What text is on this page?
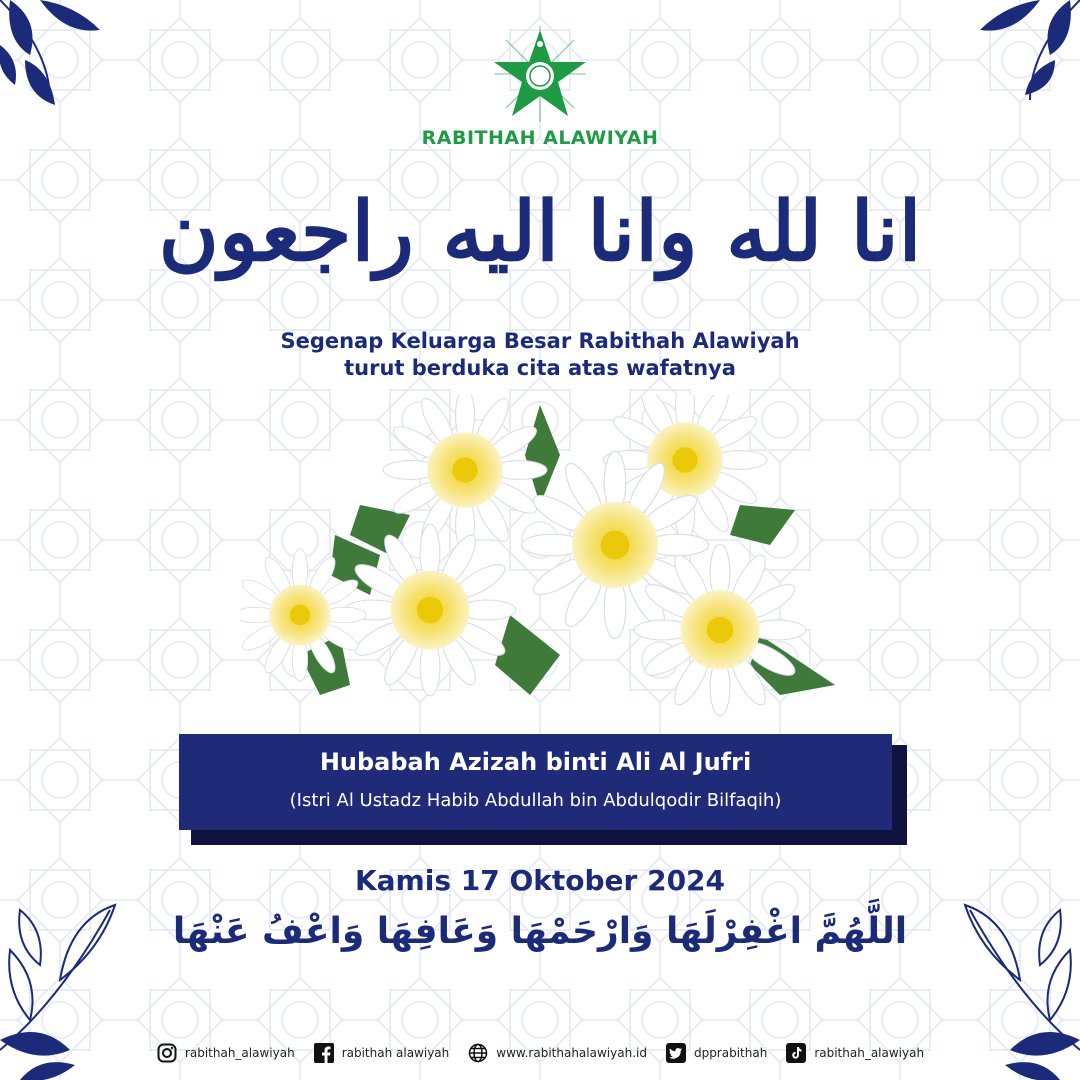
RABITHAH ALAWIYAH
انا لله وانا اليه راجعون
Segenap Keluarga Besar Rabithah Alawiyah
turut berduka cita atas wafatnya
Hubabah Azizah binti Ali Al Jufri
(Istri Al Ustadz Habib Abdullah bin Abdulqodir Bilfaqih)
Kamis 17 Oktober 2024
اللَّهُمَّ اغْفِرْلَهَا وَارْحَمْهَا وَعَافِهَا وَاعْفُ عَنْهَا
rabithah_alawiyah	rabithah alawiyah	www.rabithahalawiyah.id	dpprabithah	rabithah_alawiyah
